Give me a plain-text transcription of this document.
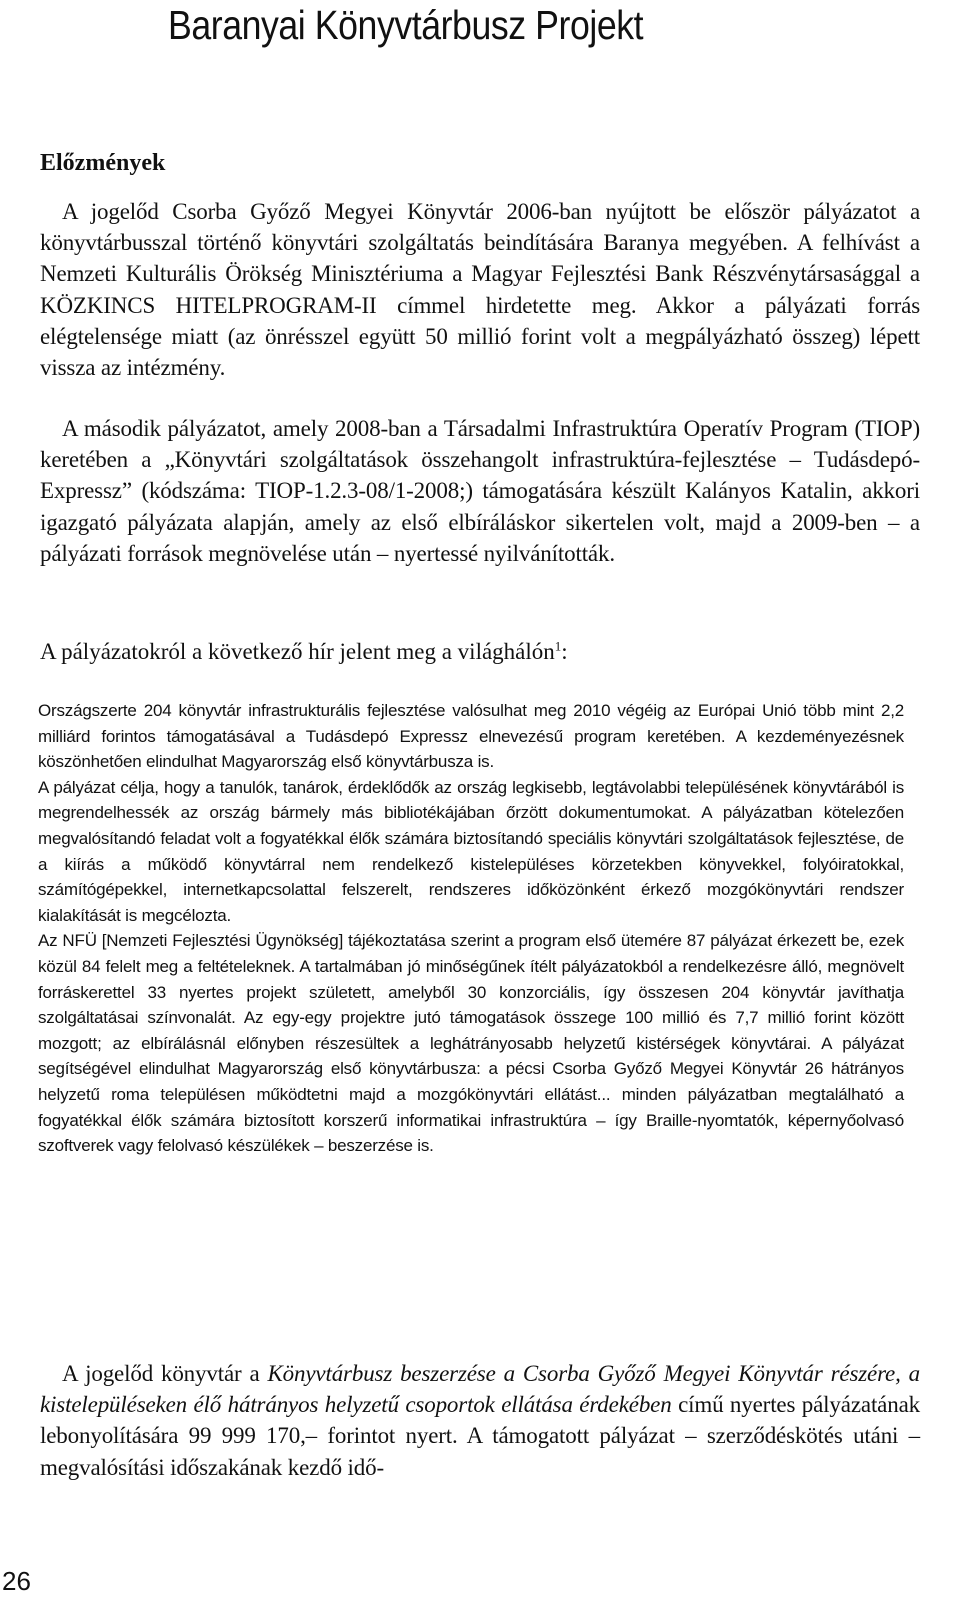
Baranyai Könyvtárbusz Projekt
Előzmények

A jogelőd Csorba Győző Megyei Könyvtár 2006-ban nyújtott be először pályázatot a könyvtárbusszal történő könyvtári szolgáltatás beindítására Baranya megyében. A felhívást a Nemzeti Kulturális Örökség Minisztériuma a Magyar Fejlesztési Bank Részvénytársasággal a KÖZKINCS HITELPROGRAM-II címmel hirdetette meg. Akkor a pályázati forrás elégtelensége miatt (az önrésszel együtt 50 millió forint volt a megpályázható összeg) lépett vissza az intézmény.

A második pályázatot, amely 2008-ban a Társadalmi Infrastruktúra Operatív Program (TIOP) keretében a „Könyvtári szolgáltatások összehangolt infrastruktúra-fejlesztése – Tudásdepó-Expressz” (kódszáma: TIOP-1.2.3-08/1-2008;) támogatására készült Kalányos Katalin, akkori igazgató pályázata alapján, amely az első elbíráláskor sikertelen volt, majd a 2009-ben – a pályázati források megnövelése után – nyertessé nyilvánították.

A pályázatokról a következő hír jelent meg a világhálón$^1$:

Országszerte 204 könyvtár infrastrukturális fejlesztése valósulhat meg 2010 végéig az Európai Unió több mint 2,2 milliárd forintos támogatásával a Tudásdepó Expressz elnevezésű program keretében. A kezdeményezésnek köszönhetően elindulhat Magyarország első könyvtárbusza is.

A pályázat célja, hogy a tanulók, tanárok, érdeklődők az ország legkisebb, legtávolabbi településének könyvtárából is megrendelhessék az ország bármely más bibliotékájában őrzött dokumentumokat. A pályázatban kötelezően megvalósítandó feladat volt a fogyatékkal élők számára biztosítandó speciális könyvtári szolgáltatások fejlesztése, de a kiírás a működő könyvtárral nem rendelkező kistelepüléses körzetekben könyvekkel, folyóiratokkal, számítógépekkel, internetkapcsolattal felszerelt, rendszeres időközönként érkező mozgókönyvtári rendszer kialakítását is megcélozta.

Az NFÜ [Nemzeti Fejlesztési Ügynökség] tájékoztatása szerint a program első ütemére 87 pályázat érkezett be, ezek közül 84 felelt meg a feltételeknek. A tartalmában jó minőségűnek ítélt pályázatokból a rendelkezésre álló, megnövelt forráskerettel 33 nyertes projekt született, amelyből 30 konzorciális, így összesen 204 könyvtár javíthatja szolgáltatásai színvonalát. Az egy-egy projektre jutó támogatások összege 100 millió és 7,7 millió forint között mozgott; az elbírálásnál előnyben részesültek a leghátrányosabb helyzetű kistérségek könyvtárai. A pályázat segítségével elindulhat Magyarország első könyvtárbusza: a pécsi Csorba Győző Megyei Könyvtár 26 hátrányos helyzetű roma településen működtetni majd a mozgókönyvtári ellátást... minden pályázatban megtalálható a fogyatékkal élők számára biztosított korszerű informatikai infrastruktúra – így Braille-nyomtatók, képernyőolvasó szoftverek vagy felolvasó készülékek – beszerzése is.

A jogelőd könyvtár a Könyvtárbusz beszerzése a Csorba Győző Megyei Könyvtár részére, a kistelepüléseken élő hátrányos helyzetű csoportok ellátása érdekében című nyertes pályázatának lebonyolítására 99 999 170,– forintot nyert. A támogatott pályázat – szerződéskötés utáni – megvalósítási időszakának kezdő idő-

26
